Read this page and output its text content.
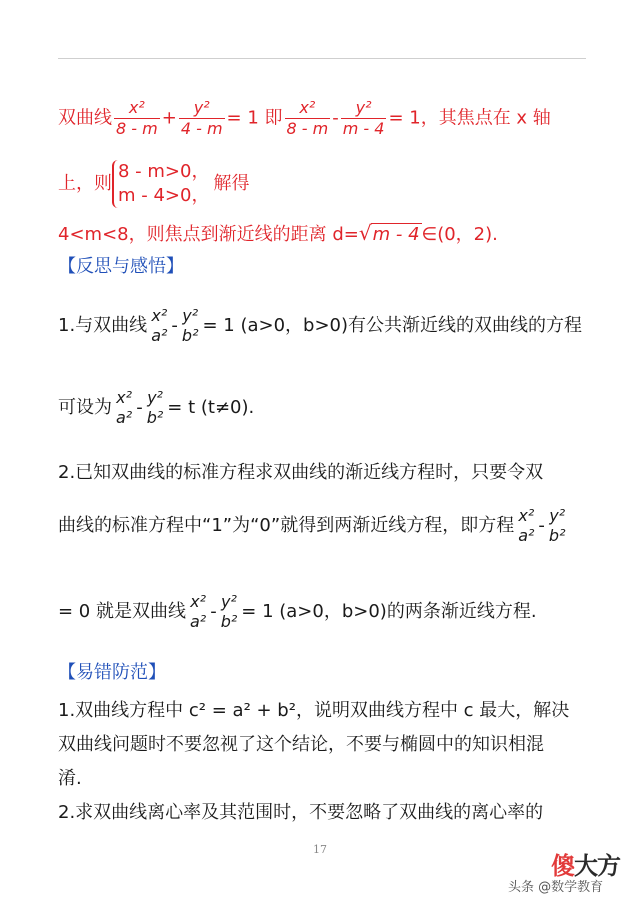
双曲线 $\frac{\text{x²}}{8 - m} + \frac{\text{y²}}{4 - m} = 1$ 即 $\frac{\text{x²}}{8 - m} - \frac{\text{y²}}{m - 4} = 1$，其焦点在 x 轴
上，则
8 - m>0，
m - 4>0，
解得
4<m<8，则焦点到渐近线的距离 d=√m - 4 ∈(0，2).
【反思与感悟】
1.与双曲线 x²
a² - y²
b² = 1 (a>0，b>0)有公共渐近线的双曲线的方程
可设为 x²
a² - y²
b² = t (t≠0).
2.已知双曲线的标准方程求双曲线的渐近线方程时，只要令双
曲线的标准方程中“1”为“0”就得到两渐近线方程，即方程 x²
a² - y²
b²
= 0 就是双曲线 x²
a² - y²
b² = 1 (a>0，b>0)的两条渐近线方程.
【易错防范】
1.双曲线方程中 c² = a² + b²，说明双曲线方程中 c 最大，解决
双曲线问题时不要忽视了这个结论，不要与椭圆中的知识相混
淆.
2.求双曲线离心率及其范围时，不要忽略了双曲线的离心率的
17
傻大方
头条 @数学教育
